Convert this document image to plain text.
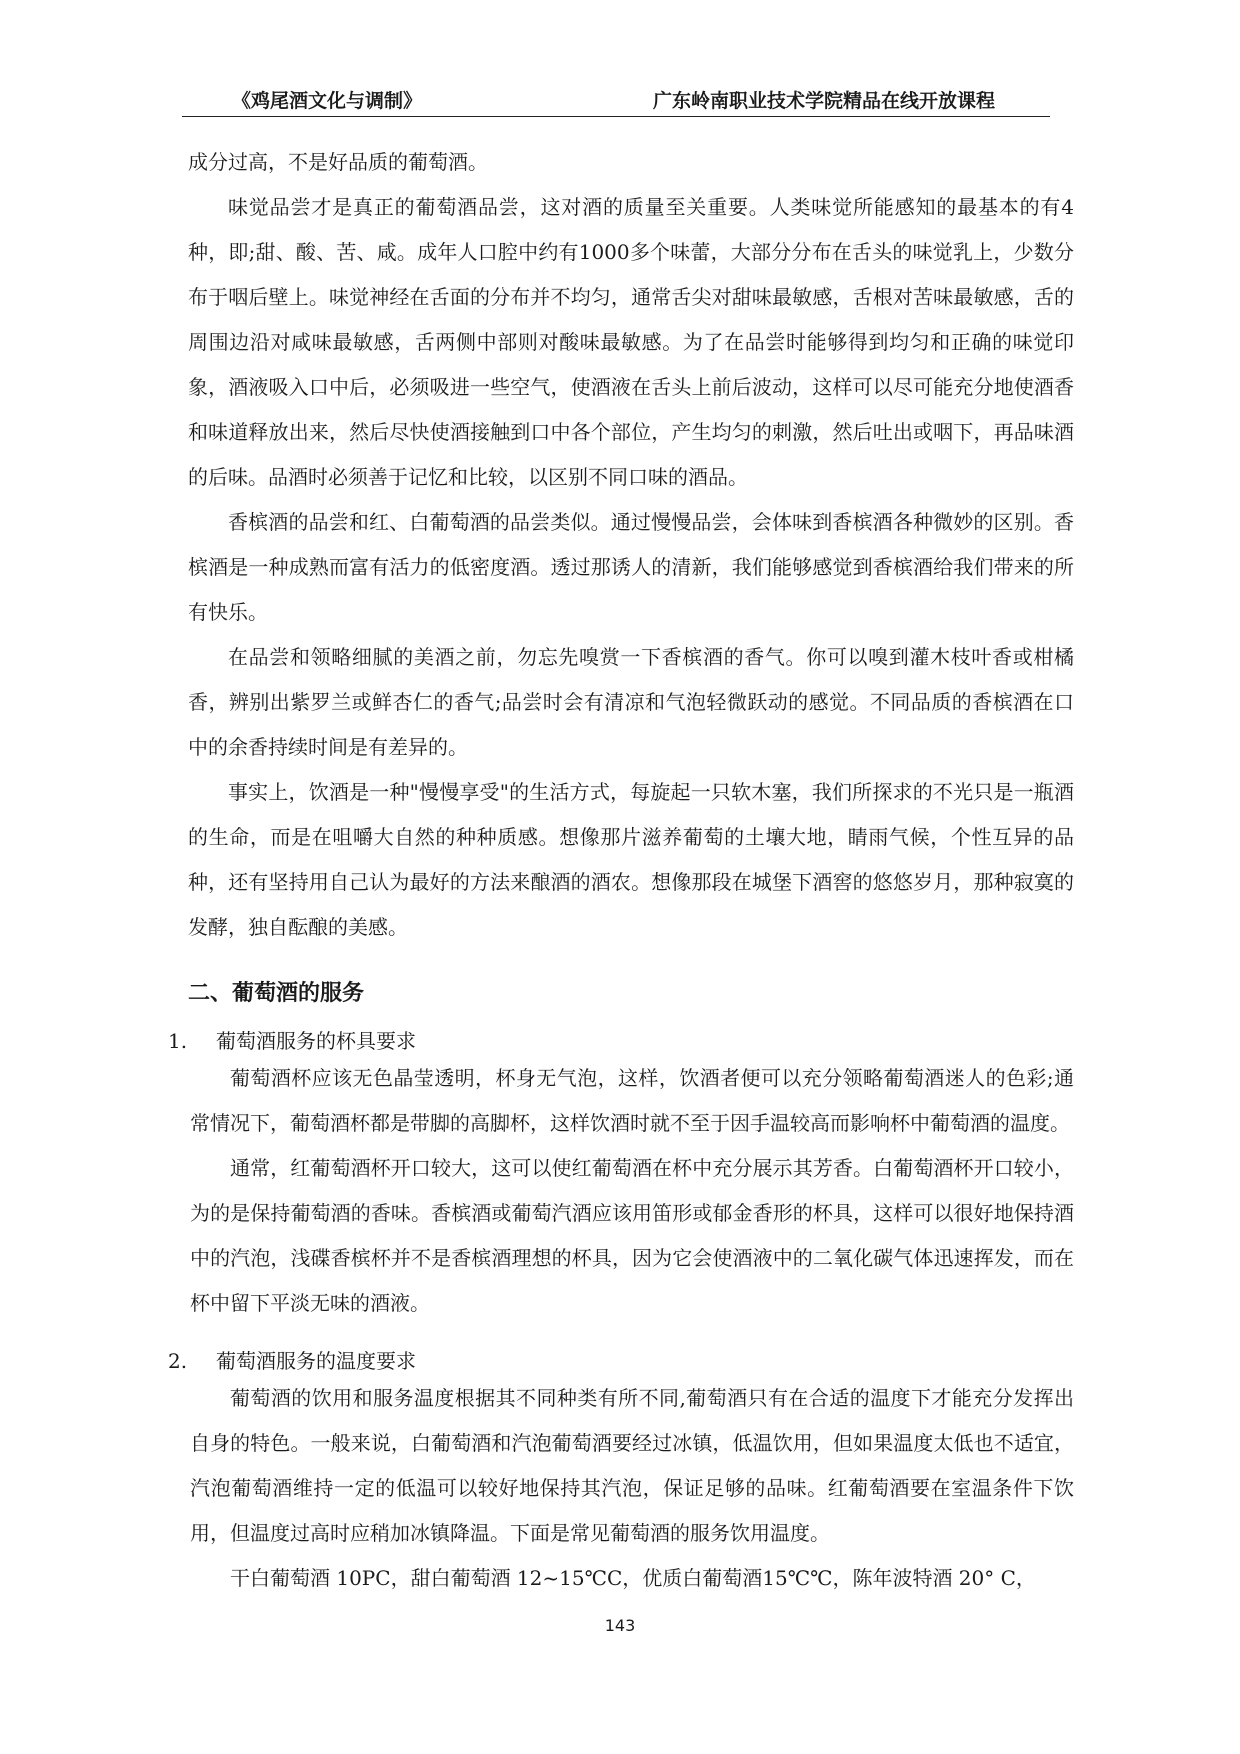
《鸡尾酒文化与调制》	广东岭南职业技术学院精品在线开放课程

成分过高，不是好品质的葡萄酒。

味觉品尝才是真正的葡萄酒品尝，这对酒的质量至关重要。人类味觉所能感知的最基本的有4种，即;甜、酸、苦、咸。成年人口腔中约有1000多个味蕾，大部分分布在舌头的味觉乳上，少数分布于咽后壁上。味觉神经在舌面的分布并不均匀，通常舌尖对甜味最敏感，舌根对苦味最敏感，舌的周围边沿对咸味最敏感，舌两侧中部则对酸味最敏感。为了在品尝时能够得到均匀和正确的味觉印象，酒液吸入口中后，必须吸进一些空气，使酒液在舌头上前后波动，这样可以尽可能充分地使酒香和味道释放出来，然后尽快使酒接触到口中各个部位，产生均匀的刺激，然后吐出或咽下，再品味酒的后味。品酒时必须善于记忆和比较，以区别不同口味的酒品。

香槟酒的品尝和红、白葡萄酒的品尝类似。通过慢慢品尝，会体味到香槟酒各种微妙的区别。香槟酒是一种成熟而富有活力的低密度酒。透过那诱人的清新，我们能够感觉到香槟酒给我们带来的所有快乐。

在品尝和领略细腻的美酒之前，勿忘先嗅赏一下香槟酒的香气。你可以嗅到灌木枝叶香或柑橘香，辨别出紫罗兰或鲜杏仁的香气;品尝时会有清凉和气泡轻微跃动的感觉。不同品质的香槟酒在口中的余香持续时间是有差异的。

事实上，饮酒是一种"慢慢享受"的生活方式，每旋起一只软木塞，我们所探求的不光只是一瓶酒的生命，而是在咀嚼大自然的种种质感。想像那片滋养葡萄的土壤大地，睛雨气候，个性互异的品种，还有坚持用自己认为最好的方法来酿酒的酒农。想像那段在城堡下酒窖的悠悠岁月，那种寂寞的发酵，独自酝酿的美感。

二、葡萄酒的服务
1. 葡萄酒服务的杯具要求

葡萄酒杯应该无色晶莹透明，杯身无气泡，这样，饮酒者便可以充分领略葡萄酒迷人的色彩;通常情况下，葡萄酒杯都是带脚的高脚杯，这样饮酒时就不至于因手温较高而影响杯中葡萄酒的温度。

通常，红葡萄酒杯开口较大，这可以使红葡萄酒在杯中充分展示其芳香。白葡萄酒杯开口较小，为的是保持葡萄酒的香味。香槟酒或葡萄汽酒应该用笛形或郁金香形的杯具，这样可以很好地保持酒中的汽泡，浅碟香槟杯并不是香槟酒理想的杯具，因为它会使酒液中的二氧化碳气体迅速挥发，而在杯中留下平淡无味的酒液。

2. 葡萄酒服务的温度要求

葡萄酒的饮用和服务温度根据其不同种类有所不同,葡萄酒只有在合适的温度下才能充分发挥出自身的特色。一般来说，白葡萄酒和汽泡葡萄酒要经过冰镇，低温饮用，但如果温度太低也不适宜，汽泡葡萄酒维持一定的低温可以较好地保持其汽泡，保证足够的品味。红葡萄酒要在室温条件下饮用，但温度过高时应稍加冰镇降温。下面是常见葡萄酒的服务饮用温度。

干白葡萄酒 10PC，甜白葡萄酒 12~15℃C，优质白葡萄酒15℃℃，陈年波特酒 20° C，

143
